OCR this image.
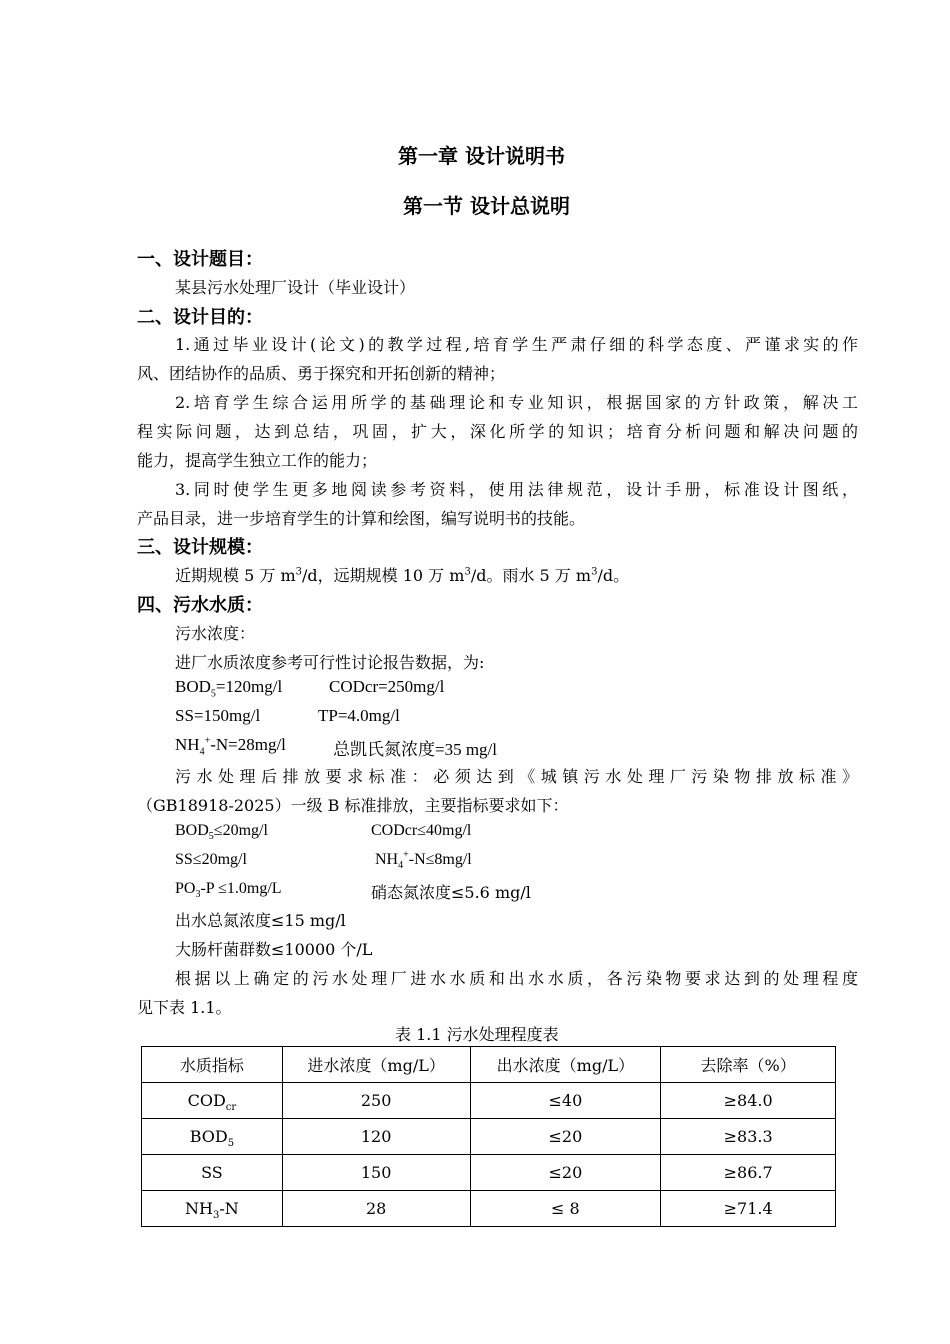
第一章 设计说明书
第一节 设计总说明
一、设计题目：
某县污水处理厂设计（毕业设计）
二、设计目的：
1.通过毕业设计(论文)的教学过程,培育学生严肃仔细的科学态度、严谨求实的作
风、团结协作的品质、勇于探究和开拓创新的精神；
2.培育学生综合运用所学的基础理论和专业知识，根据国家的方针政策，解决工
程实际问题，达到总结，巩固，扩大，深化所学的知识；培育分析问题和解决问题的
能力，提高学生独立工作的能力；
3.同时使学生更多地阅读参考资料，使用法律规范，设计手册，标准设计图纸，
产品目录，进一步培育学生的计算和绘图，编写说明书的技能。
三、设计规模：
近期规模 5 万 $m^3/d$，远期规模 10 万 $m^3/d$。雨水 5 万 $m^3/d$。
四、污水水质：
污水浓度：
进厂水质浓度参考可行性讨论报告数据，为:
$BOD_5=120mg/l$	CODcr=250mg/l
SS=150mg/l	TP=4.0mg/l
$NH_4^+-N=28mg/l$	总凯氏氮浓度=35 mg/l
污水处理后排放要求标准：必须达到《城镇污水处理厂污染物排放标准》
（GB18918-2025）一级 B 标准排放，主要指标要求如下：
$BOD_5\le 20mg/l$	CODcr≤40mg/l
SS≤20mg/l	$NH_4^+-N\le 8mg/l$
$PO_3-P \le 1.0mg/L$	硝态氮浓度≤5.6 mg/l
出水总氮浓度≤15 mg/l
大肠杆菌群数≤10000 个/L
根据以上确定的污水处理厂进水水质和出水水质，各污染物要求达到的处理程度
见下表 1.1。
表 1.1 污水处理程度表
水质指标	进水浓度（mg/L）	出水浓度（mg/L）	去除率（%）
$COD_{cr}$	250	≤40	≥84.0
$BOD_5$	120	≤20	≥83.3
SS	150	≤20	≥86.7
$NH_3-N$	28	≤ 8	≥71.4
